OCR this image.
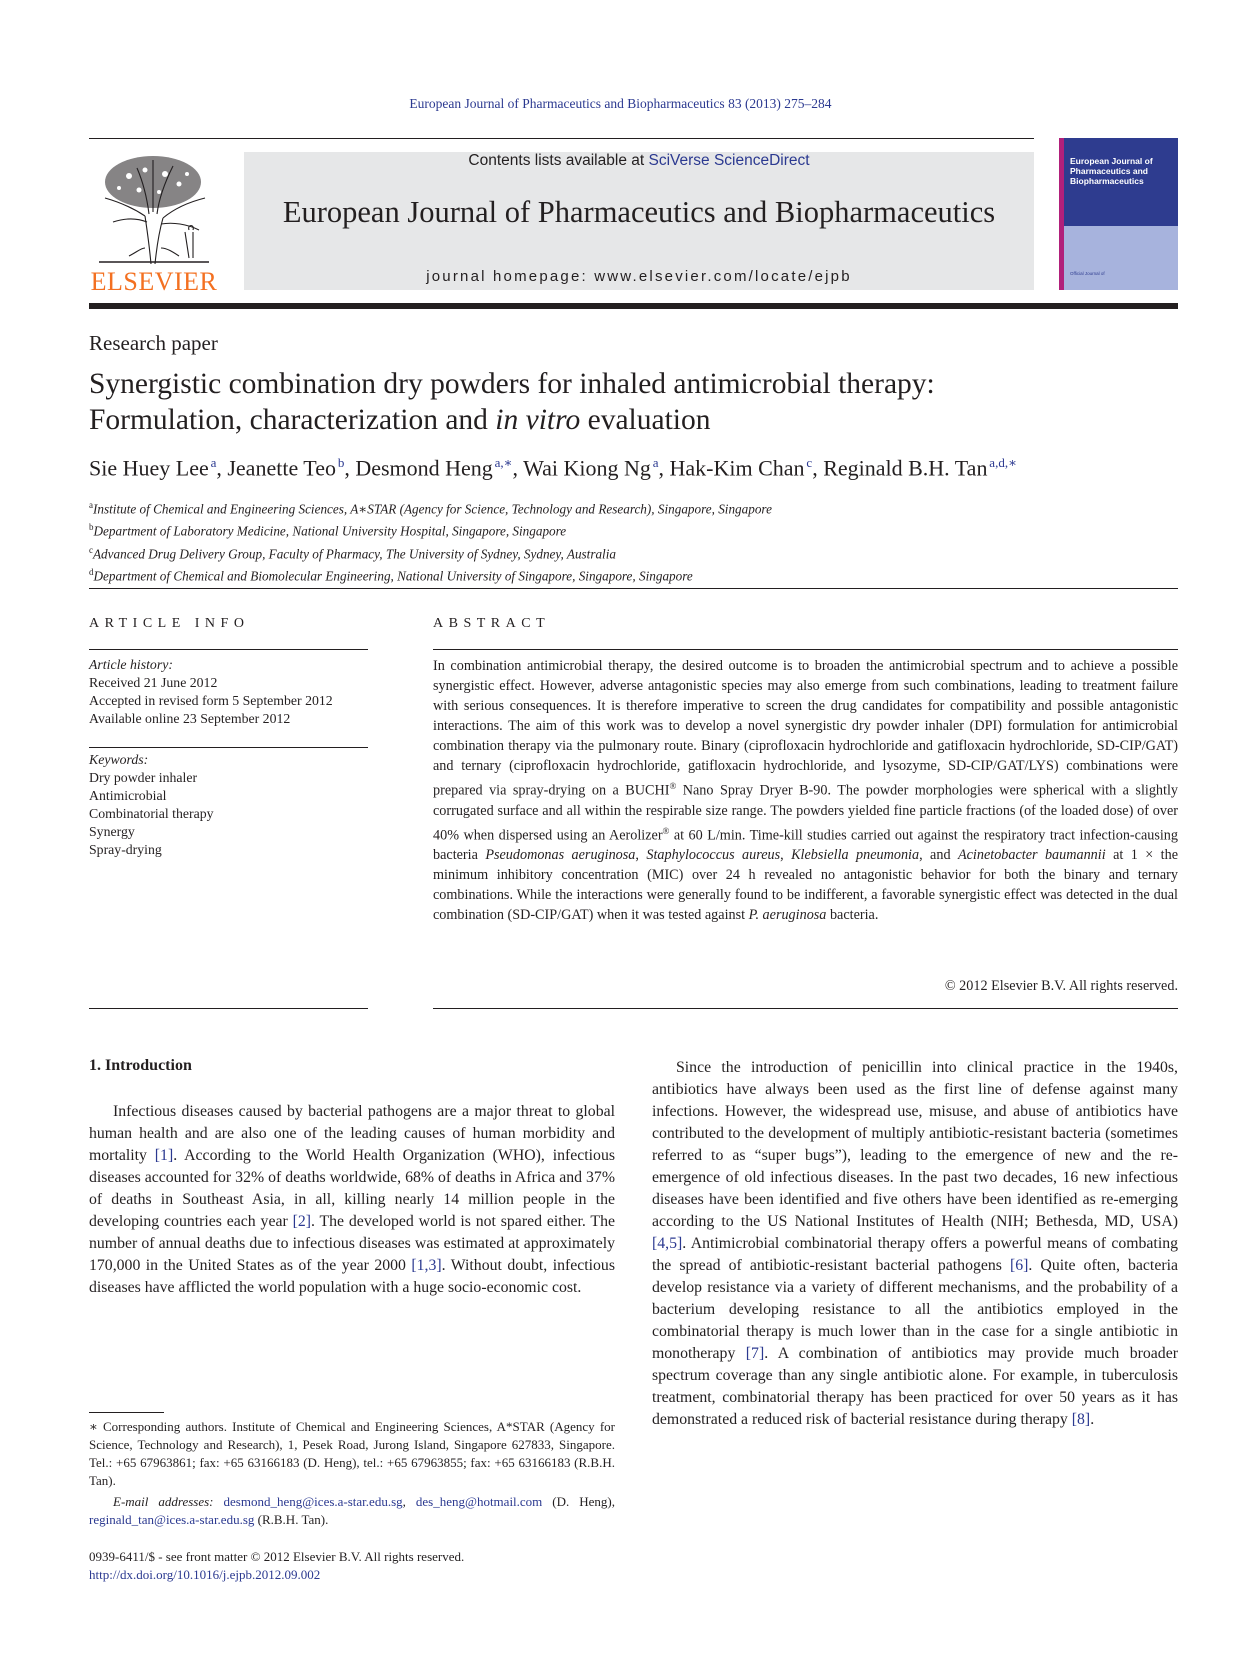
European Journal of Pharmaceutics and Biopharmaceutics 83 (2013) 275–284
ELSEVIER
Contents lists available at SciVerse ScienceDirect
European Journal of Pharmaceutics and Biopharmaceutics
journal homepage: www.elsevier.com/locate/ejpb
European Journal of Pharmaceutics and Biopharmaceutics
Official Journal of
Research paper
Synergistic combination dry powders for inhaled antimicrobial therapy:
Formulation, characterization and in vitro evaluation
Sie Huey Lee  $^a$, Jeanette Teo  $^b$, Desmond Heng  $^{a,∗}$, Wai Kiong Ng  $^a$, Hak-Kim Chan  $^c$, Reginald B.H. Tan  $^{a,d,∗}$
$^a$Institute of Chemical and Engineering Sciences, A∗STAR (Agency for Science, Technology and Research), Singapore, Singapore
$^b$Department of Laboratory Medicine, National University Hospital, Singapore, Singapore
$^c$Advanced Drug Delivery Group, Faculty of Pharmacy, The University of Sydney, Sydney, Australia
$^d$Department of Chemical and Biomolecular Engineering, National University of Singapore, Singapore, Singapore
ARTICLE INFO	ABSTRACT
Article history:
Received 21 June 2012
Accepted in revised form 5 September 2012
Available online 23 September 2012
Keywords:
Dry powder inhaler
Antimicrobial
Combinatorial therapy
Synergy
Spray-drying
In combination antimicrobial therapy, the desired outcome is to broaden the antimicrobial spectrum and to achieve a possible synergistic effect. However, adverse antagonistic species may also emerge from such combinations, leading to treatment failure with serious consequences. It is therefore imperative to screen the drug candidates for compatibility and possible antagonistic interactions. The aim of this work was to develop a novel synergistic dry powder inhaler (DPI) formulation for antimicrobial combination therapy via the pulmonary route. Binary (ciprofloxacin hydrochloride and gatifloxacin hydrochloride, SD-CIP/GAT) and ternary (ciprofloxacin hydrochloride, gatifloxacin hydrochloride, and lysozyme, SD-CIP/GAT/LYS) combinations were prepared via spray-drying on a BUCHI® Nano Spray Dryer B-90. The powder morphologies were spherical with a slightly corrugated surface and all within the respirable size range. The powders yielded fine particle fractions (of the loaded dose) of over 40% when dispersed using an Aerolizer® at 60 L/min. Time-kill studies carried out against the respiratory tract infection-causing bacteria Pseudomonas aeruginosa, Staphylococcus aureus, Klebsiella pneumonia, and Acinetobacter baumannii at 1 × the minimum inhibitory concentration (MIC) over 24 h revealed no antagonistic behavior for both the binary and ternary combinations. While the interactions were generally found to be indifferent, a favorable synergistic effect was detected in the dual combination (SD-CIP/GAT) when it was tested against P. aeruginosa bacteria.
© 2012 Elsevier B.V. All rights reserved.
1. Introduction
Infectious diseases caused by bacterial pathogens are a major threat to global human health and are also one of the leading causes of human morbidity and mortality [1]. According to the World Health Organization (WHO), infectious diseases accounted for 32% of deaths worldwide, 68% of deaths in Africa and 37% of deaths in Southeast Asia, in all, killing nearly 14 million people in the developing countries each year [2]. The developed world is not spared either. The number of annual deaths due to infectious diseases was estimated at approximately 170,000 in the United States as of the year 2000 [1,3]. Without doubt, infectious diseases have afflicted the world population with a huge socio-economic cost.
Since the introduction of penicillin into clinical practice in the 1940s, antibiotics have always been used as the first line of defense against many infections. However, the widespread use, misuse, and abuse of antibiotics have contributed to the development of multiply antibiotic-resistant bacteria (sometimes referred to as “super bugs”), leading to the emergence of new and the re-emergence of old infectious diseases. In the past two decades, 16 new infectious diseases have been identified and five others have been identified as re-emerging according to the US National Institutes of Health (NIH; Bethesda, MD, USA) [4,5]. Antimicrobial combinatorial therapy offers a powerful means of combating the spread of antibiotic-resistant bacterial pathogens [6]. Quite often, bacteria develop resistance via a variety of different mechanisms, and the probability of a bacterium developing resistance to all the antibiotics employed in the combinatorial therapy is much lower than in the case for a single antibiotic in monotherapy [7]. A combination of antibiotics may provide much broader spectrum coverage than any single antibiotic alone. For example, in tuberculosis treatment, combinatorial therapy has been practiced for over 50 years as it has demonstrated a reduced risk of bacterial resistance during therapy [8].
∗ Corresponding authors. Institute of Chemical and Engineering Sciences, A*STAR (Agency for Science, Technology and Research), 1, Pesek Road, Jurong Island, Singapore 627833, Singapore. Tel.: +65 67963861; fax: +65 63166183 (D. Heng), tel.: +65 67963855; fax: +65 63166183 (R.B.H. Tan).
E-mail addresses: desmond_heng@ices.a-star.edu.sg, des_heng@hotmail.com (D. Heng), reginald_tan@ices.a-star.edu.sg (R.B.H. Tan).
0939-6411/$ - see front matter © 2012 Elsevier B.V. All rights reserved.
http://dx.doi.org/10.1016/j.ejpb.2012.09.002
